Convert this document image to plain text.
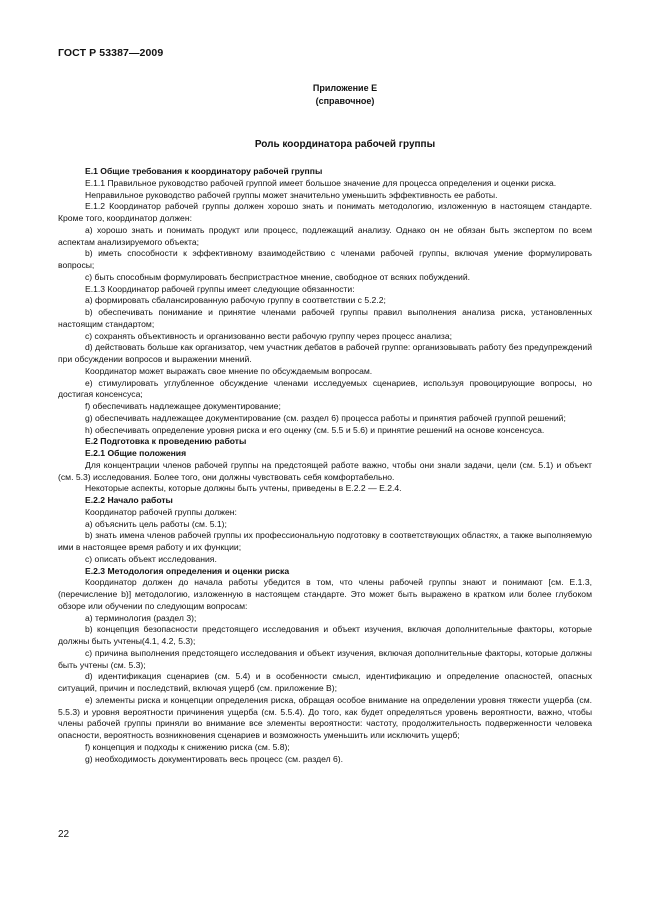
ГОСТ Р 53387—2009
Приложение Е
(справочное)
Роль координатора рабочей группы

Е.1 Общие требования к координатору рабочей группы

Е.1.1 Правильное руководство рабочей группой имеет большое значение для процесса определения и оценки риска.

Неправильное руководство рабочей группы может значительно уменьшить эффективность ее работы.

Е.1.2 Координатор рабочей группы должен хорошо знать и понимать методологию, изложенную в настоящем стандарте. Кроме того, координатор должен:

a) хорошо знать и понимать продукт или процесс, подлежащий анализу. Однако он не обязан быть экспертом по всем аспектам анализируемого объекта;

b) иметь способности к эффективному взаимодействию с членами рабочей группы, включая умение формулировать вопросы;

c) быть способным формулировать беспристрастное мнение, свободное от всяких побуждений.

Е.1.3 Координатор рабочей группы имеет следующие обязанности:

a) формировать сбалансированную рабочую группу в соответствии с 5.2.2;

b) обеспечивать понимание и принятие членами рабочей группы правил выполнения анализа риска, установленных настоящим стандартом;

c) сохранять объективность и организованно вести рабочую группу через процесс анализа;

d) действовать больше как организатор, чем участник дебатов в рабочей группе: организовывать работу без предупреждений при обсуждении вопросов и выражении мнений.

Координатор может выражать свое мнение по обсуждаемым вопросам.

e) стимулировать углубленное обсуждение членами исследуемых сценариев, используя провоцирующие вопросы, но достигая консенсуса;

f) обеспечивать надлежащее документирование;

g) обеспечивать надлежащее документирование (см. раздел 6) процесса работы и принятия рабочей группой решений;

h) обеспечивать определение уровня риска и его оценку (см. 5.5 и 5.6) и принятие решений на основе консенсуса.

Е.2 Подготовка к проведению работы

Е.2.1 Общие положения

Для концентрации членов рабочей группы на предстоящей работе важно, чтобы они знали задачи, цели (см. 5.1) и объект (см. 5.3) исследования. Более того, они должны чувствовать себя комфортабельно.

Некоторые аспекты, которые должны быть учтены, приведены в Е.2.2 — Е.2.4.

Е.2.2 Начало работы

Координатор рабочей группы должен:

a) объяснить цель работы (см. 5.1);

b) знать имена членов рабочей группы их профессиональную подготовку в соответствующих областях, а также выполняемую ими в настоящее время работу и их функции;

c) описать объект исследования.

Е.2.3 Методология определения и оценки риска

Координатор должен до начала работы убедится в том, что члены рабочей группы знают и понимают [см. Е.1.3, (перечисление b)] методологию, изложенную в настоящем стандарте. Это может быть выражено в кратком или более глубоком обзоре или обучении по следующим вопросам:

a) терминология (раздел 3);

b) концепция безопасности предстоящего исследования и объект изучения, включая дополнительные факторы, которые должны быть учтены(4.1, 4.2, 5.3);

c) причина выполнения предстоящего исследования и объект изучения, включая дополнительные факторы, которые должны быть учтены (см. 5.3);

d) идентификация сценариев (см. 5.4) и в особенности смысл, идентификацию и определение опасностей, опасных ситуаций, причин и последствий, включая ущерб (см. приложение В);

e) элементы риска и концепции определения риска, обращая особое внимание на определении уровня тяжести ущерба (см. 5.5.3) и уровня вероятности причинения ущерба (см. 5.5.4). До того, как будет определяться уровень вероятности, важно, чтобы члены рабочей группы приняли во внимание все элементы вероятности: частоту, продолжительность подверженности человека опасности, вероятность возникновения сценариев и возможность уменьшить или исключить ущерб;

f) концепция и подходы к снижению риска (см. 5.8);

g) необходимость документировать весь процесс (см. раздел 6).

22
